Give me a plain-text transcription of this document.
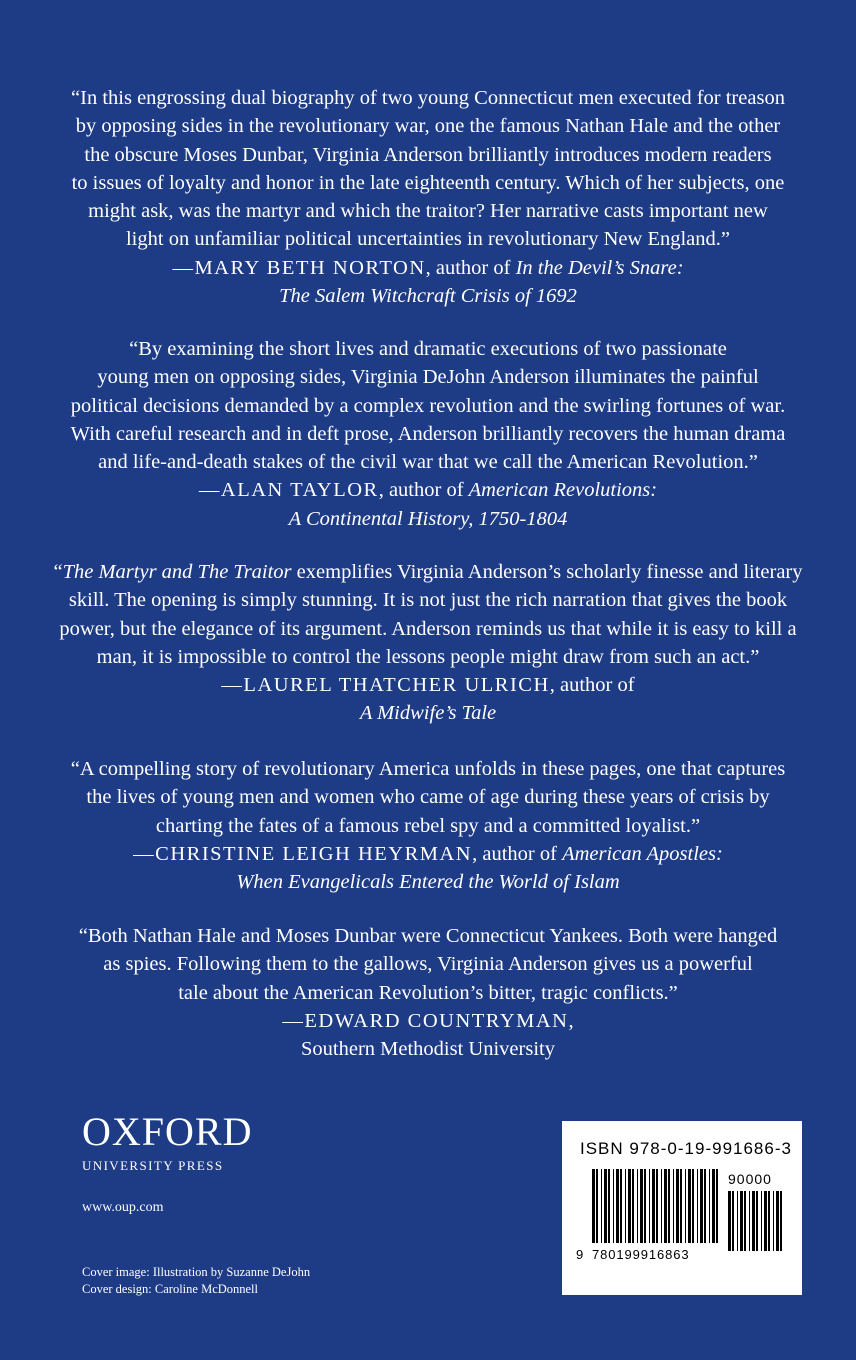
“In this engrossing dual biography of two young Connecticut men executed for treason
by opposing sides in the revolutionary war, one the famous Nathan Hale and the other
the obscure Moses Dunbar, Virginia Anderson brilliantly introduces modern readers
to issues of loyalty and honor in the late eighteenth century. Which of her subjects, one
might ask, was the martyr and which the traitor? Her narrative casts important new
light on unfamiliar political uncertainties in revolutionary New England.”
—MARY BETH NORTON, author of In the Devil’s Snare:
The Salem Witchcraft Crisis of 1692
“By examining the short lives and dramatic executions of two passionate
young men on opposing sides, Virginia DeJohn Anderson illuminates the painful
political decisions demanded by a complex revolution and the swirling fortunes of war.
With careful research and in deft prose, Anderson brilliantly recovers the human drama
and life-and-death stakes of the civil war that we call the American Revolution.”
—ALAN TAYLOR, author of American Revolutions:
A Continental History, 1750-1804
“The Martyr and The Traitor exemplifies Virginia Anderson’s scholarly finesse and literary
skill. The opening is simply stunning. It is not just the rich narration that gives the book
power, but the elegance of its argument. Anderson reminds us that while it is easy to kill a
man, it is impossible to control the lessons people might draw from such an act.”
—LAUREL THATCHER ULRICH, author of
A Midwife’s Tale
“A compelling story of revolutionary America unfolds in these pages, one that captures
the lives of young men and women who came of age during these years of crisis by
charting the fates of a famous rebel spy and a committed loyalist.”
—CHRISTINE LEIGH HEYRMAN, author of American Apostles:
When Evangelicals Entered the World of Islam
“Both Nathan Hale and Moses Dunbar were Connecticut Yankees. Both were hanged
as spies. Following them to the gallows, Virginia Anderson gives us a powerful
tale about the American Revolution’s bitter, tragic conflicts.”
—EDWARD COUNTRYMAN,
Southern Methodist University
OXFORD
UNIVERSITY PRESS
www.oup.com
Cover image: Illustration by Suzanne DeJohn
Cover design: Caroline McDonnell
ISBN 978-0-19-991686-3
90000
9 780199916863
